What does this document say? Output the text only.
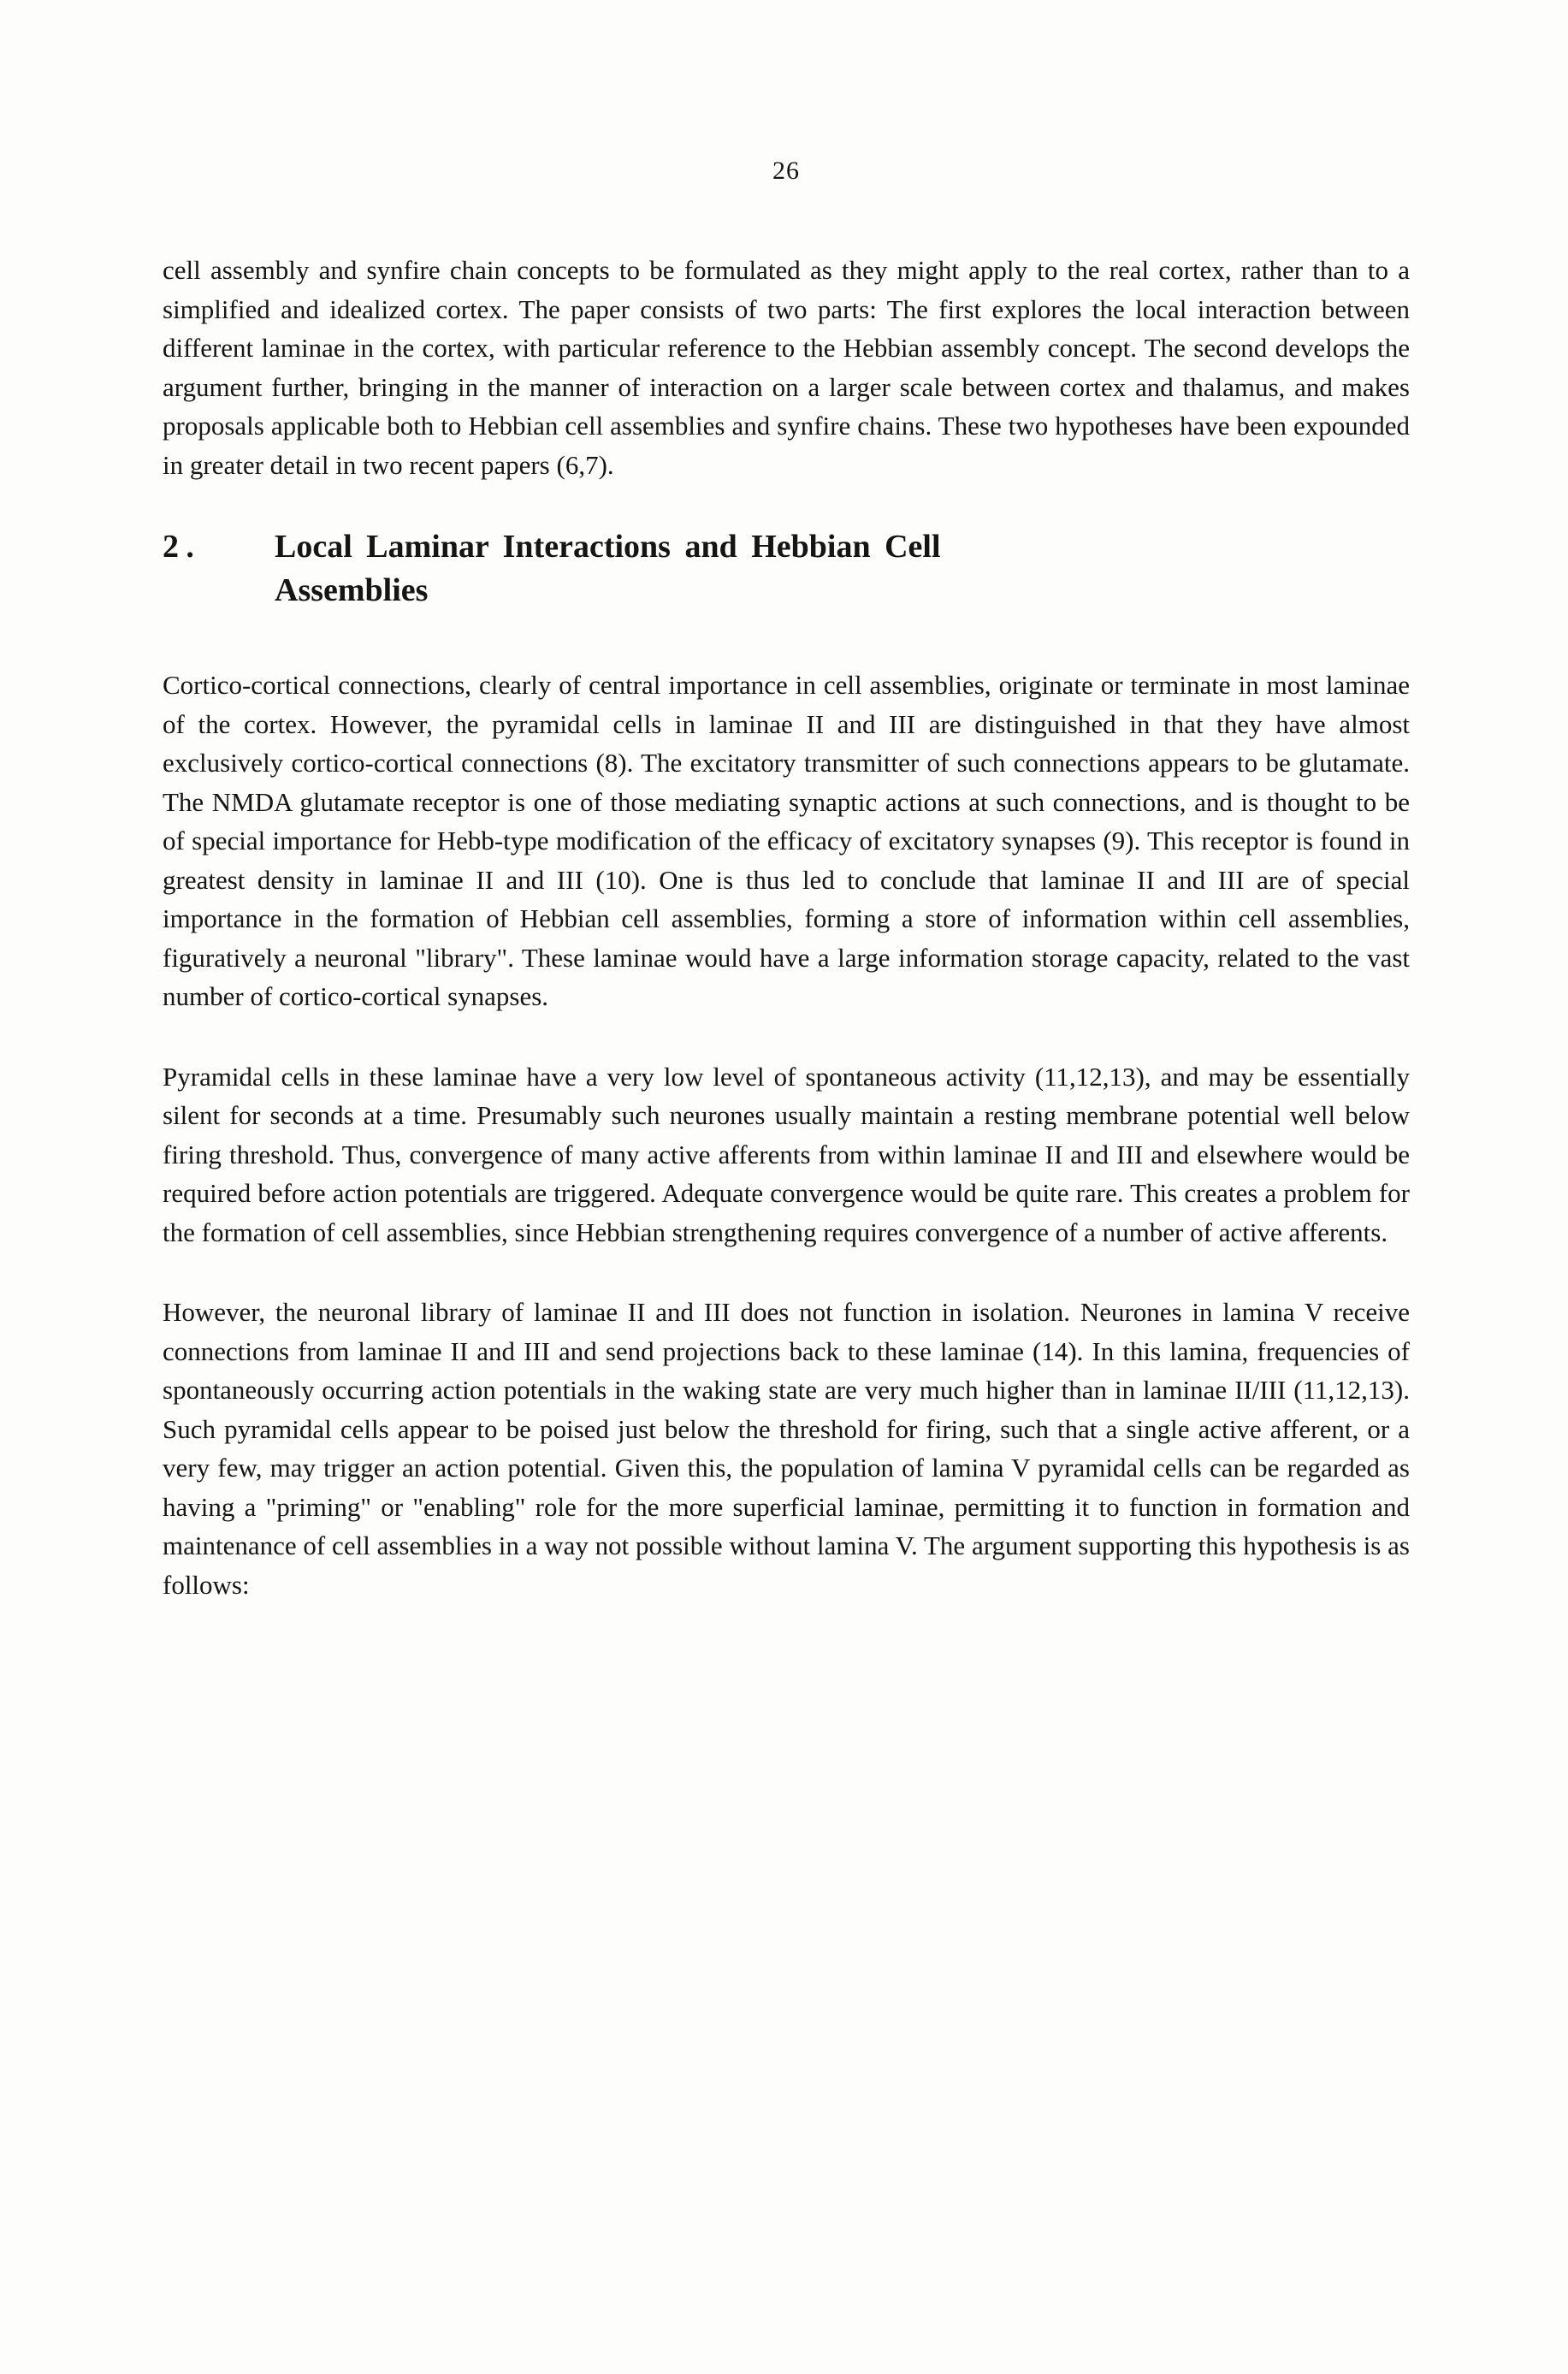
26

cell assembly and synfire chain concepts to be formulated as they might apply to the real cortex, rather than to a simplified and idealized cortex. The paper consists of two parts: The first explores the local interaction between different laminae in the cortex, with particular reference to the Hebbian assembly concept. The second develops the argument further, bringing in the manner of interaction on a larger scale between cortex and thalamus, and makes proposals applicable both to Hebbian cell assemblies and synfire chains. These two hypotheses have been expounded in greater detail in two recent papers (6,7).

2.	Local Laminar Interactions and Hebbian Cell
Assemblies

Cortico-cortical connections, clearly of central importance in cell assemblies, originate or terminate in most laminae of the cortex. However, the pyramidal cells in laminae II and III are distinguished in that they have almost exclusively cortico-cortical connections (8). The excitatory transmitter of such connections appears to be glutamate. The NMDA glutamate receptor is one of those mediating synaptic actions at such connections, and is thought to be of special importance for Hebb-type modification of the efficacy of excitatory synapses (9). This receptor is found in greatest density in laminae II and III (10). One is thus led to conclude that laminae II and III are of special importance in the formation of Hebbian cell assemblies, forming a store of information within cell assemblies, figuratively a neuronal "library". These laminae would have a large information storage capacity, related to the vast number of cortico-cortical synapses.

Pyramidal cells in these laminae have a very low level of spontaneous activity (11,12,13), and may be essentially silent for seconds at a time. Presumably such neurones usually maintain a resting membrane potential well below firing threshold. Thus, convergence of many active afferents from within laminae II and III and elsewhere would be required before action potentials are triggered. Adequate convergence would be quite rare. This creates a problem for the formation of cell assemblies, since Hebbian strengthening requires convergence of a number of active afferents.

However, the neuronal library of laminae II and III does not function in isolation. Neurones in lamina V receive connections from laminae II and III and send projections back to these laminae (14). In this lamina, frequencies of spontaneously occurring action potentials in the waking state are very much higher than in laminae II/III (11,12,13). Such pyramidal cells appear to be poised just below the threshold for firing, such that a single active afferent, or a very few, may trigger an action potential. Given this, the population of lamina V pyramidal cells can be regarded as having a "priming" or "enabling" role for the more superficial laminae, permitting it to function in formation and maintenance of cell assemblies in a way not possible without lamina V. The argument supporting this hypothesis is as follows:
